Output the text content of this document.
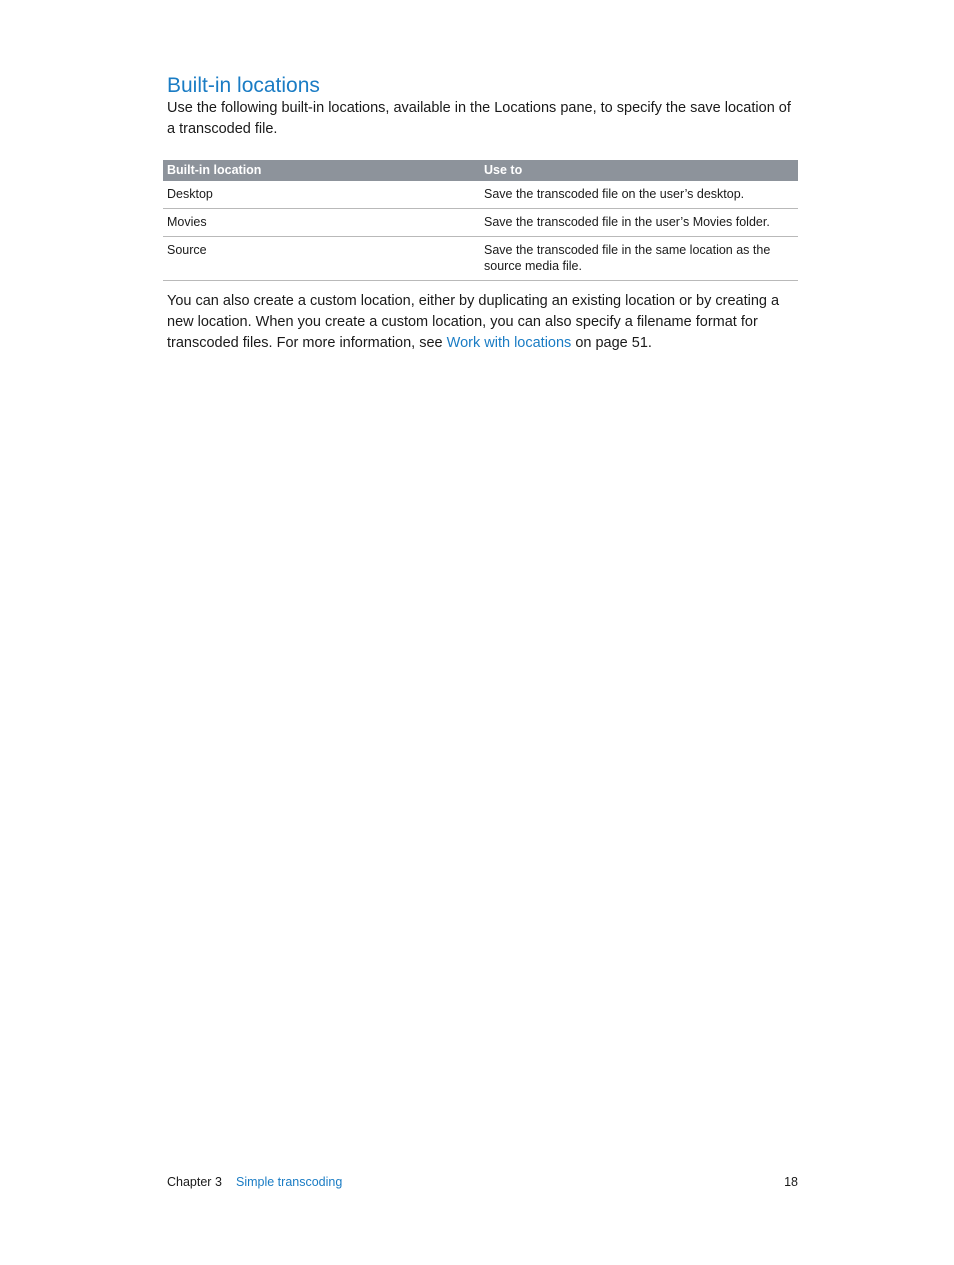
Built-in locations

Use the following built-in locations, available in the Locations pane, to specify the save location of a transcoded file.

Built-in location	Use to
Desktop	Save the transcoded file on the user’s desktop.
Movies	Save the transcoded file in the user’s Movies folder.
Source	Save the transcoded file in the same location as the source media file.

You can also create a custom location, either by duplicating an existing location or by creating a new location. When you create a custom location, you can also specify a filename format for transcoded files. For more information, see Work with locations on page 51.

Chapter 3 Simple transcoding	18
